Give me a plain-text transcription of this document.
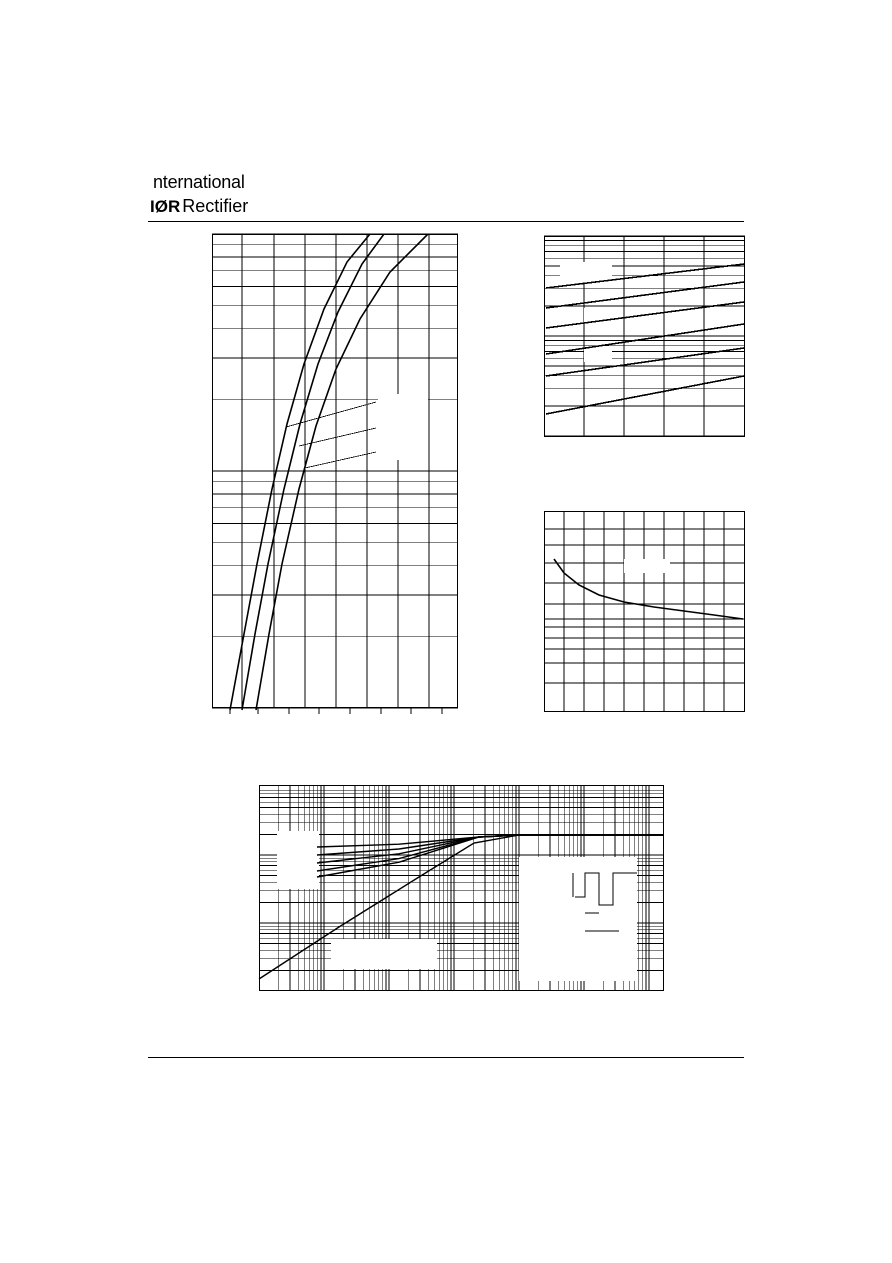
nternational
IØR Rectifier
